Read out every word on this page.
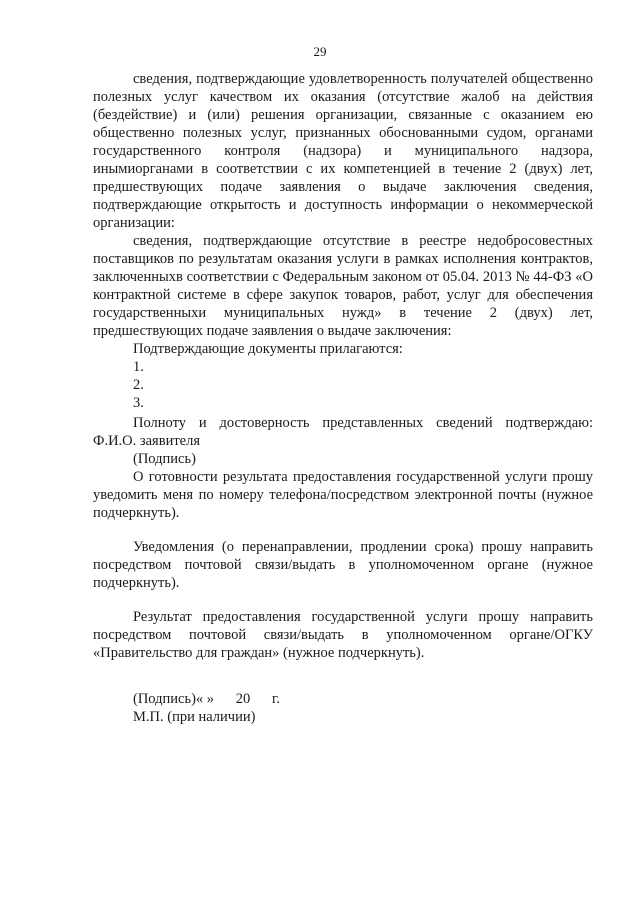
29

сведения, подтверждающие удовлетворенность получателей общественно полезных услуг качеством их оказания (отсутствие жалоб на действия (бездействие) и (или) решения организации, связанные с оказанием ею общественно полезных услуг, признанных обоснованными судом, органами государственного контроля (надзора) и муниципального надзора, инымиорганами в соответствии с их компетенцией в течение 2 (двух) лет, предшествующих подаче заявления о выдаче заключения сведения, подтверждающие открытость и доступность информации о некоммерческой организации:

сведения, подтверждающие отсутствие в реестре недобросовестных поставщиков по результатам оказания услуги в рамках исполнения контрактов, заключенныхв соответствии с Федеральным законом от 05.04. 2013 № 44-ФЗ «О контрактной системе в сфере закупок товаров, работ, услуг для обеспечения государственныхи муниципальных нужд» в течение 2 (двух) лет, предшествующих подаче заявления о выдаче заключения:

Подтверждающие документы прилагаются:

1.

2.

3.

Полноту и достоверность представленных сведений подтверждаю: Ф.И.О. заявителя

(Подпись)

О готовности результата предоставления государственной услуги прошу уведомить меня по номеру телефона/посредством электронной почты (нужное подчеркнуть).

Уведомления (о перенаправлении, продлении срока) прошу направить посредством почтовой связи/выдать в уполномоченном органе (нужное подчеркнуть).

Результат предоставления государственной услуги прошу направить посредством почтовой связи/выдать в уполномоченном органе/ОГКУ «Правительство для граждан» (нужное подчеркнуть).

(Подпись)« »      20      г.

М.П. (при наличии)
